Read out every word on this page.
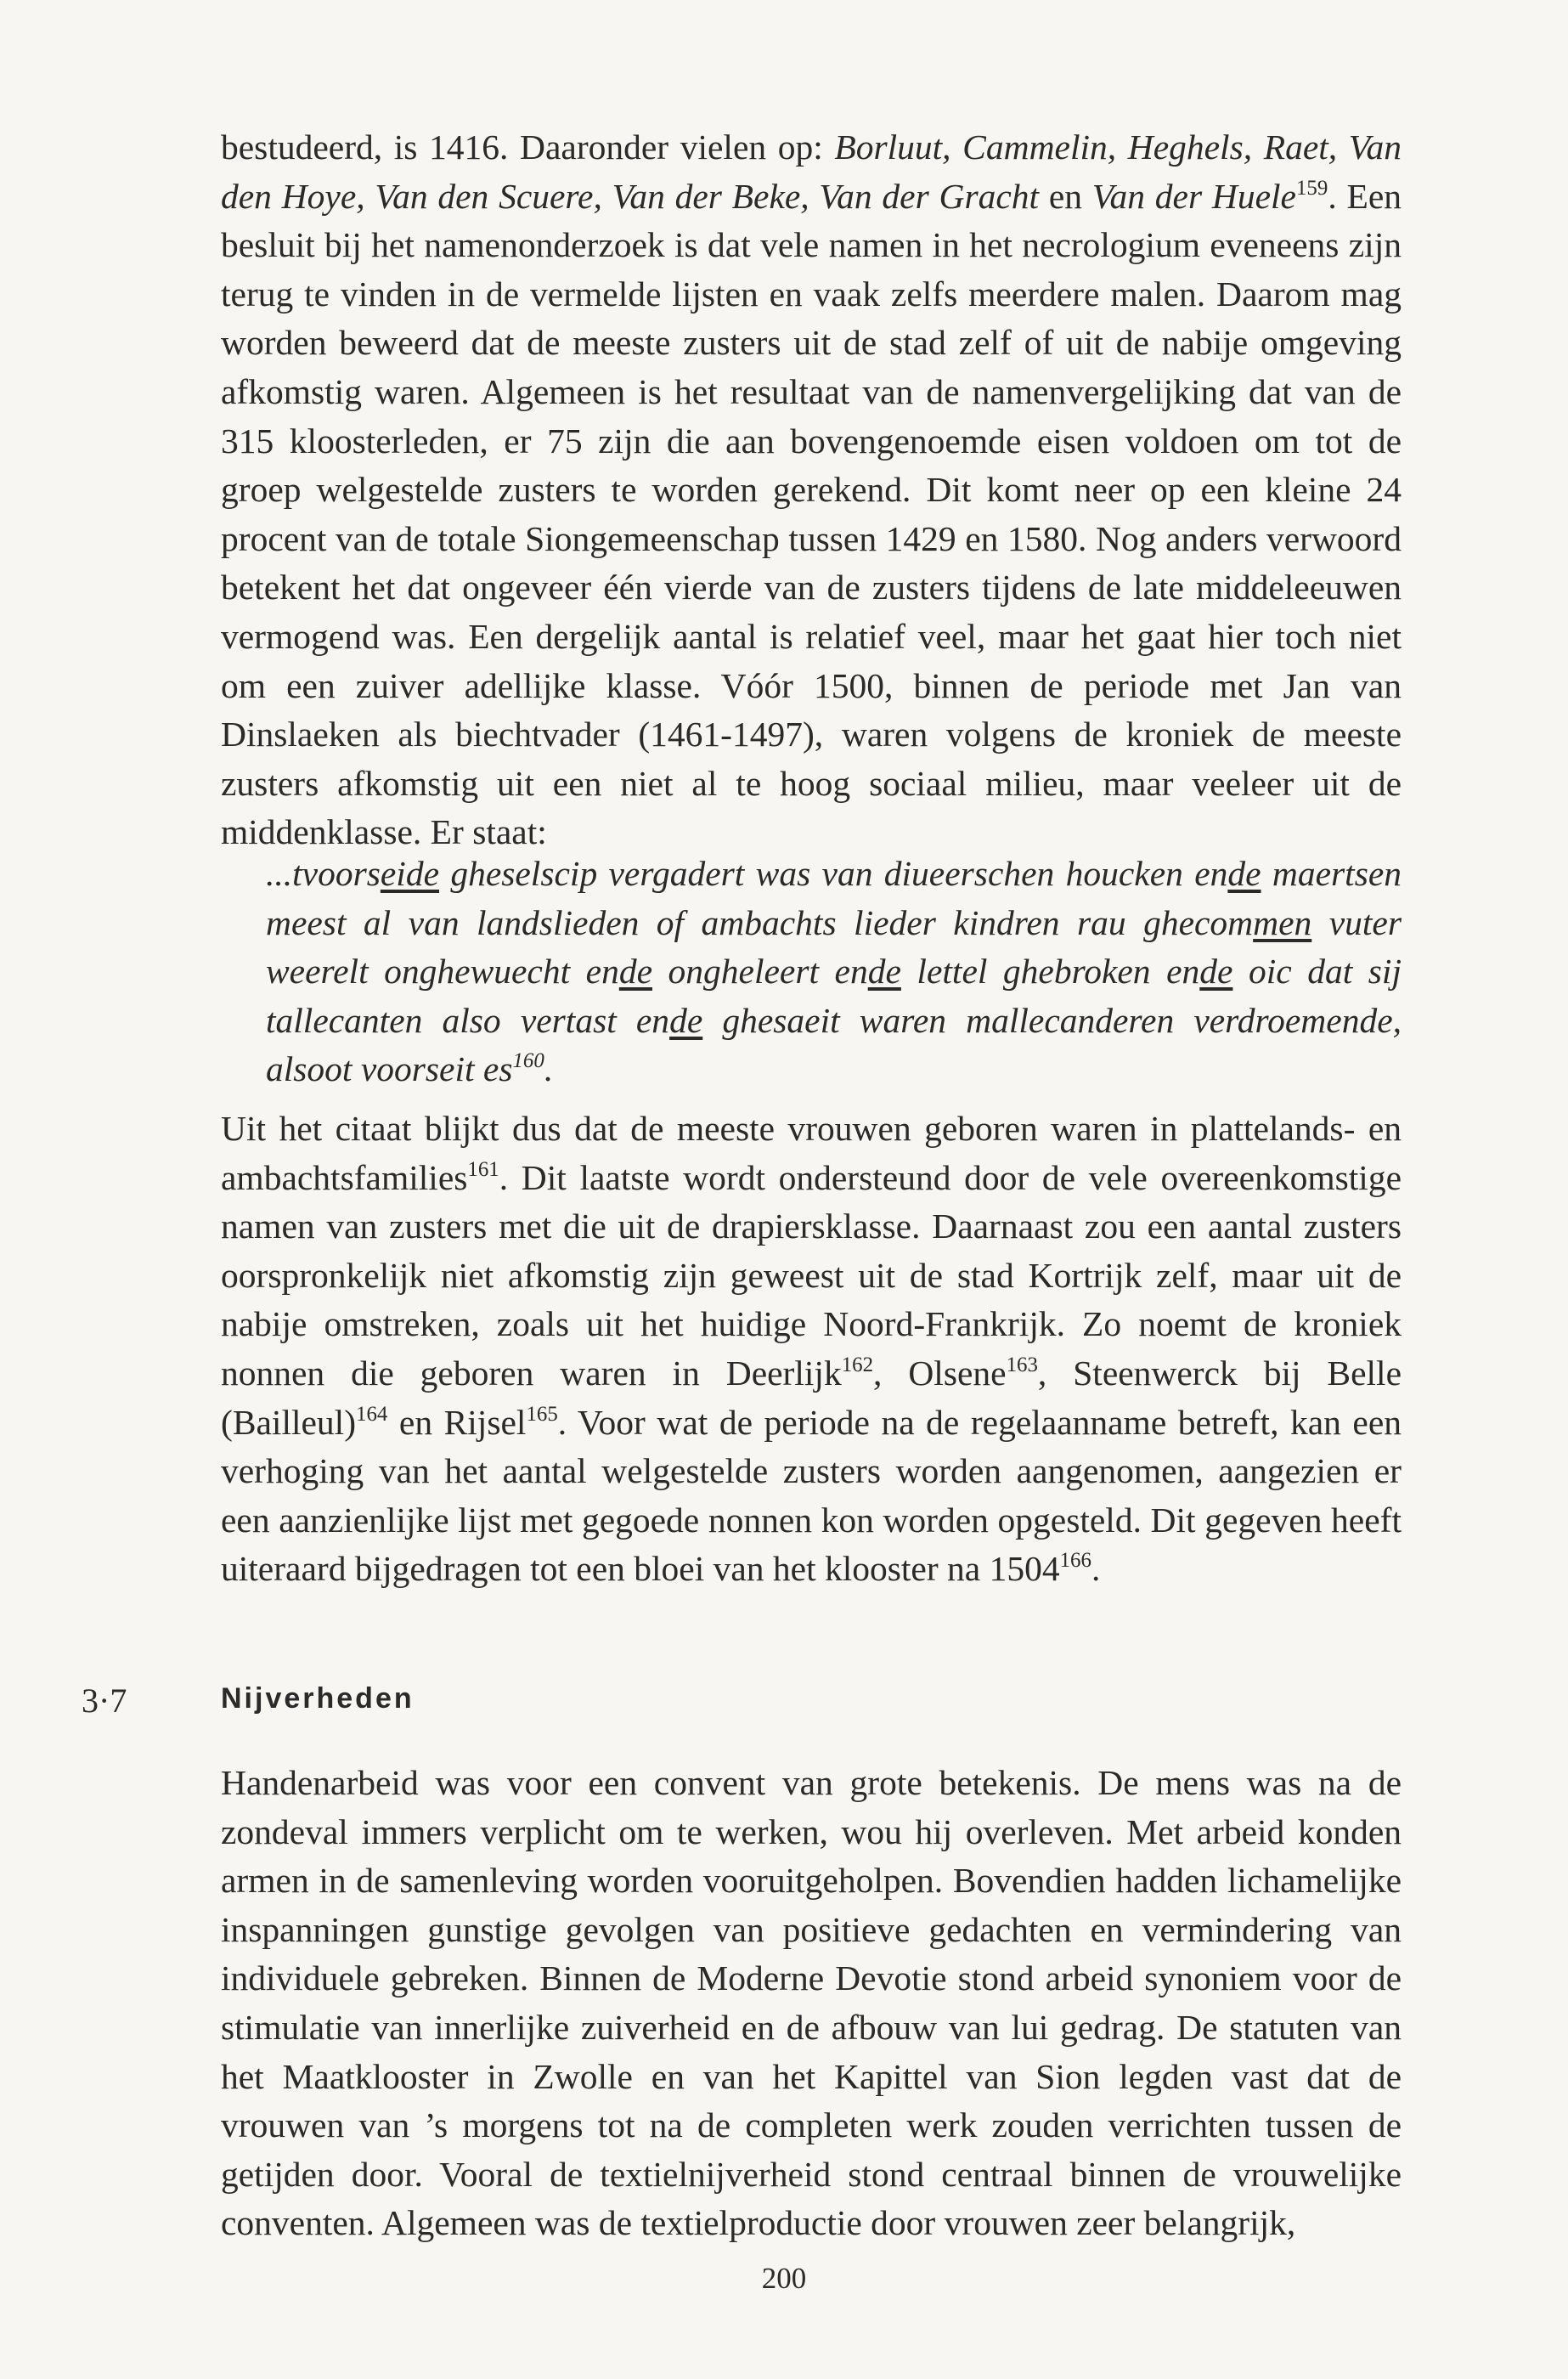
bestudeerd, is 1416. Daaronder vielen op: Borluut, Cammelin, Heghels, Raet, Van den Hoye, Van den Scuere, Van der Beke, Van der Gracht en Van der Huele$^{159}$. Een besluit bij het namenonderzoek is dat vele namen in het necrologium eveneens zijn terug te vinden in de vermelde lijsten en vaak zelfs meerdere malen. Daarom mag worden beweerd dat de meeste zusters uit de stad zelf of uit de nabije omgeving afkomstig waren. Algemeen is het resultaat van de namenvergelijking dat van de 315 kloosterleden, er 75 zijn die aan bovengenoemde eisen voldoen om tot de groep welgestelde zusters te worden gerekend. Dit komt neer op een kleine 24 procent van de totale Siongemeenschap tussen 1429 en 1580. Nog anders verwoord betekent het dat ongeveer één vierde van de zusters tijdens de late middeleeuwen vermogend was. Een dergelijk aantal is relatief veel, maar het gaat hier toch niet om een zuiver adellijke klasse. Vóór 1500, binnen de periode met Jan van Dinslaeken als biechtvader (1461-1497), waren volgens de kroniek de meeste zusters afkomstig uit een niet al te hoog sociaal milieu, maar veeleer uit de middenklasse. Er staat:

...tvoorseide gheselscip vergadert was van diueerschen houcken ende maertsen meest al van landslieden of ambachts lieder kindren rau ghecommen vuter weerelt onghewuecht ende ongheleert ende lettel ghebroken ende oic dat sij tallecanten also vertast ende ghesaeit waren mallecanderen verdroemende, alsoot voorseit $es^{160}$.

Uit het citaat blijkt dus dat de meeste vrouwen geboren waren in plattelands- en ambachtsfamilies$^{161}$. Dit laatste wordt ondersteund door de vele overeenkomstige namen van zusters met die uit de drapiersklasse. Daarnaast zou een aantal zusters oorspronkelijk niet afkomstig zijn geweest uit de stad Kortrijk zelf, maar uit de nabije omstreken, zoals uit het huidige Noord-Frankrijk. Zo noemt de kroniek nonnen die geboren waren in Deerlijk$^{162}$, Olsene$^{163}$, Steenwerck bij Belle (Bailleul)$^{164}$ en Rijsel$^{165}$. Voor wat de periode na de regelaanname betreft, kan een verhoging van het aantal welgestelde zusters worden aangenomen, aangezien er een aanzienlijke lijst met gegoede nonnen kon worden opgesteld. Dit gegeven heeft uiteraard bijgedragen tot een bloei van het klooster na 1504$^{166}$.

3·7	Nijverheden

Handenarbeid was voor een convent van grote betekenis. De mens was na de zondeval immers verplicht om te werken, wou hij overleven. Met arbeid konden armen in de samenleving worden vooruitgeholpen. Bovendien hadden lichamelijke inspanningen gunstige gevolgen van positieve gedachten en vermindering van individuele gebreken. Binnen de Moderne Devotie stond arbeid synoniem voor de stimulatie van innerlijke zuiverheid en de afbouw van lui gedrag. De statuten van het Maatklooster in Zwolle en van het Kapittel van Sion legden vast dat de vrouwen van ’s morgens tot na de completen werk zouden verrichten tussen de getijden door. Vooral de textielnijverheid stond centraal binnen de vrouwelijke conventen. Algemeen was de textielproductie door vrouwen zeer belangrijk,

200
